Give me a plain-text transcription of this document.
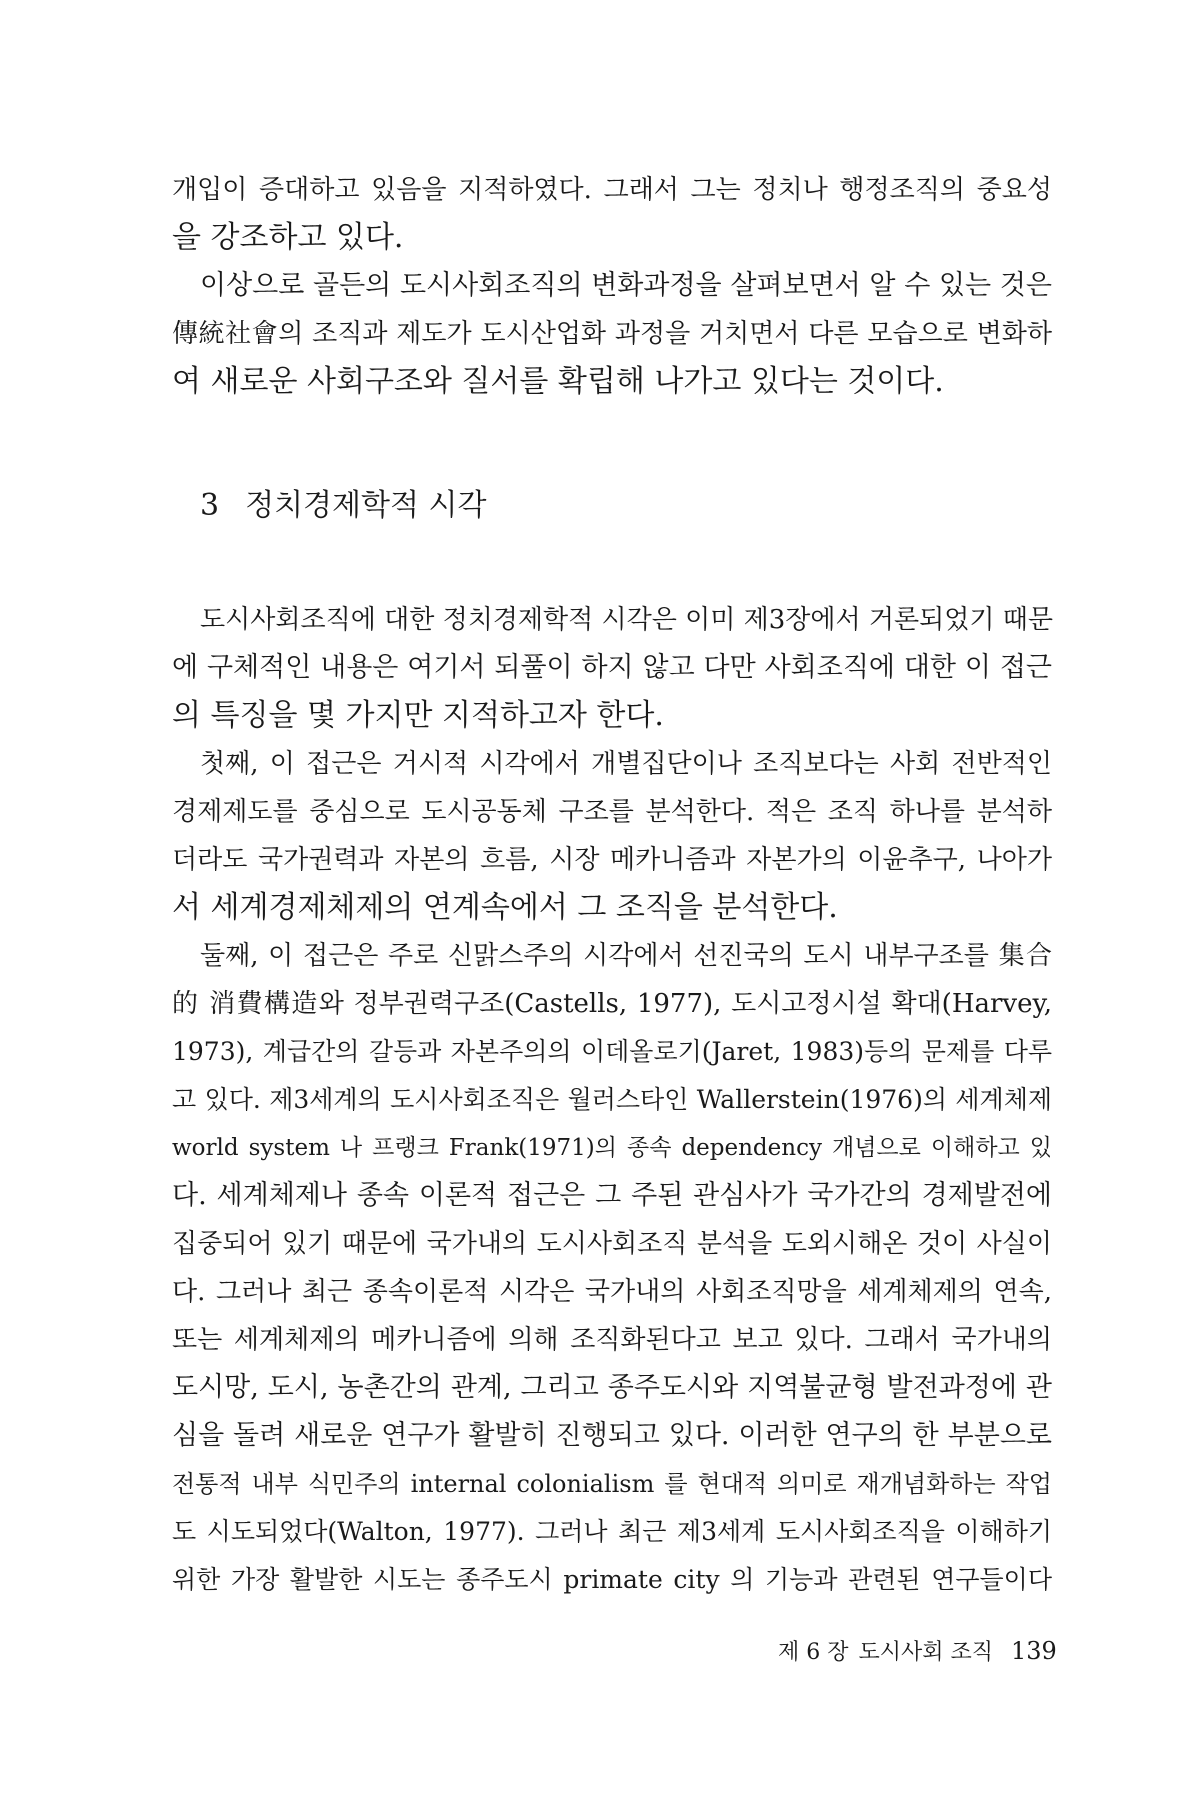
개입이 증대하고 있음을 지적하였다. 그래서 그는 정치나 행정조직의 중요성

을 강조하고 있다.

이상으로 골든의 도시사회조직의 변화과정을 살펴보면서 알 수 있는 것은

傳統社會의 조직과 제도가 도시산업화 과정을 거치면서 다른 모습으로 변화하

여 새로운 사회구조와 질서를 확립해 나가고 있다는 것이다.

3 정치경제학적 시각

도시사회조직에 대한 정치경제학적 시각은 이미 제3장에서 거론되었기 때문

에 구체적인 내용은 여기서 되풀이 하지 않고 다만 사회조직에 대한 이 접근

의 특징을 몇 가지만 지적하고자 한다.

첫째, 이 접근은 거시적 시각에서 개별집단이나 조직보다는 사회 전반적인

경제제도를 중심으로 도시공동체 구조를 분석한다. 적은 조직 하나를 분석하

더라도 국가권력과 자본의 흐름, 시장 메카니즘과 자본가의 이윤추구, 나아가

서 세계경제체제의 연계속에서 그 조직을 분석한다.

둘째, 이 접근은 주로 신맑스주의 시각에서 선진국의 도시 내부구조를 集合

的 消費構造와 정부권력구조(Castells, 1977), 도시고정시설 확대(Harvey,

1973), 계급간의 갈등과 자본주의의 이데올로기(Jaret, 1983)등의 문제를 다루

고 있다. 제3세계의 도시사회조직은 월러스타인 Wallerstein(1976)의 세계체제

world system 나 프랭크 Frank(1971)의 종속 dependency 개념으로 이해하고 있

다. 세계체제나 종속 이론적 접근은 그 주된 관심사가 국가간의 경제발전에

집중되어 있기 때문에 국가내의 도시사회조직 분석을 도외시해온 것이 사실이

다. 그러나 최근 종속이론적 시각은 국가내의 사회조직망을 세계체제의 연속,

또는 세계체제의 메카니즘에 의해 조직화된다고 보고 있다. 그래서 국가내의

도시망, 도시, 농촌간의 관계, 그리고 종주도시와 지역불균형 발전과정에 관

심을 돌려 새로운 연구가 활발히 진행되고 있다. 이러한 연구의 한 부분으로

전통적 내부 식민주의 internal colonialism 를 현대적 의미로 재개념화하는 작업

도 시도되었다(Walton, 1977). 그러나 최근 제3세계 도시사회조직을 이해하기

위한 가장 활발한 시도는 종주도시 primate city 의 기능과 관련된 연구들이다

제 6 장 도시사회 조직 139
